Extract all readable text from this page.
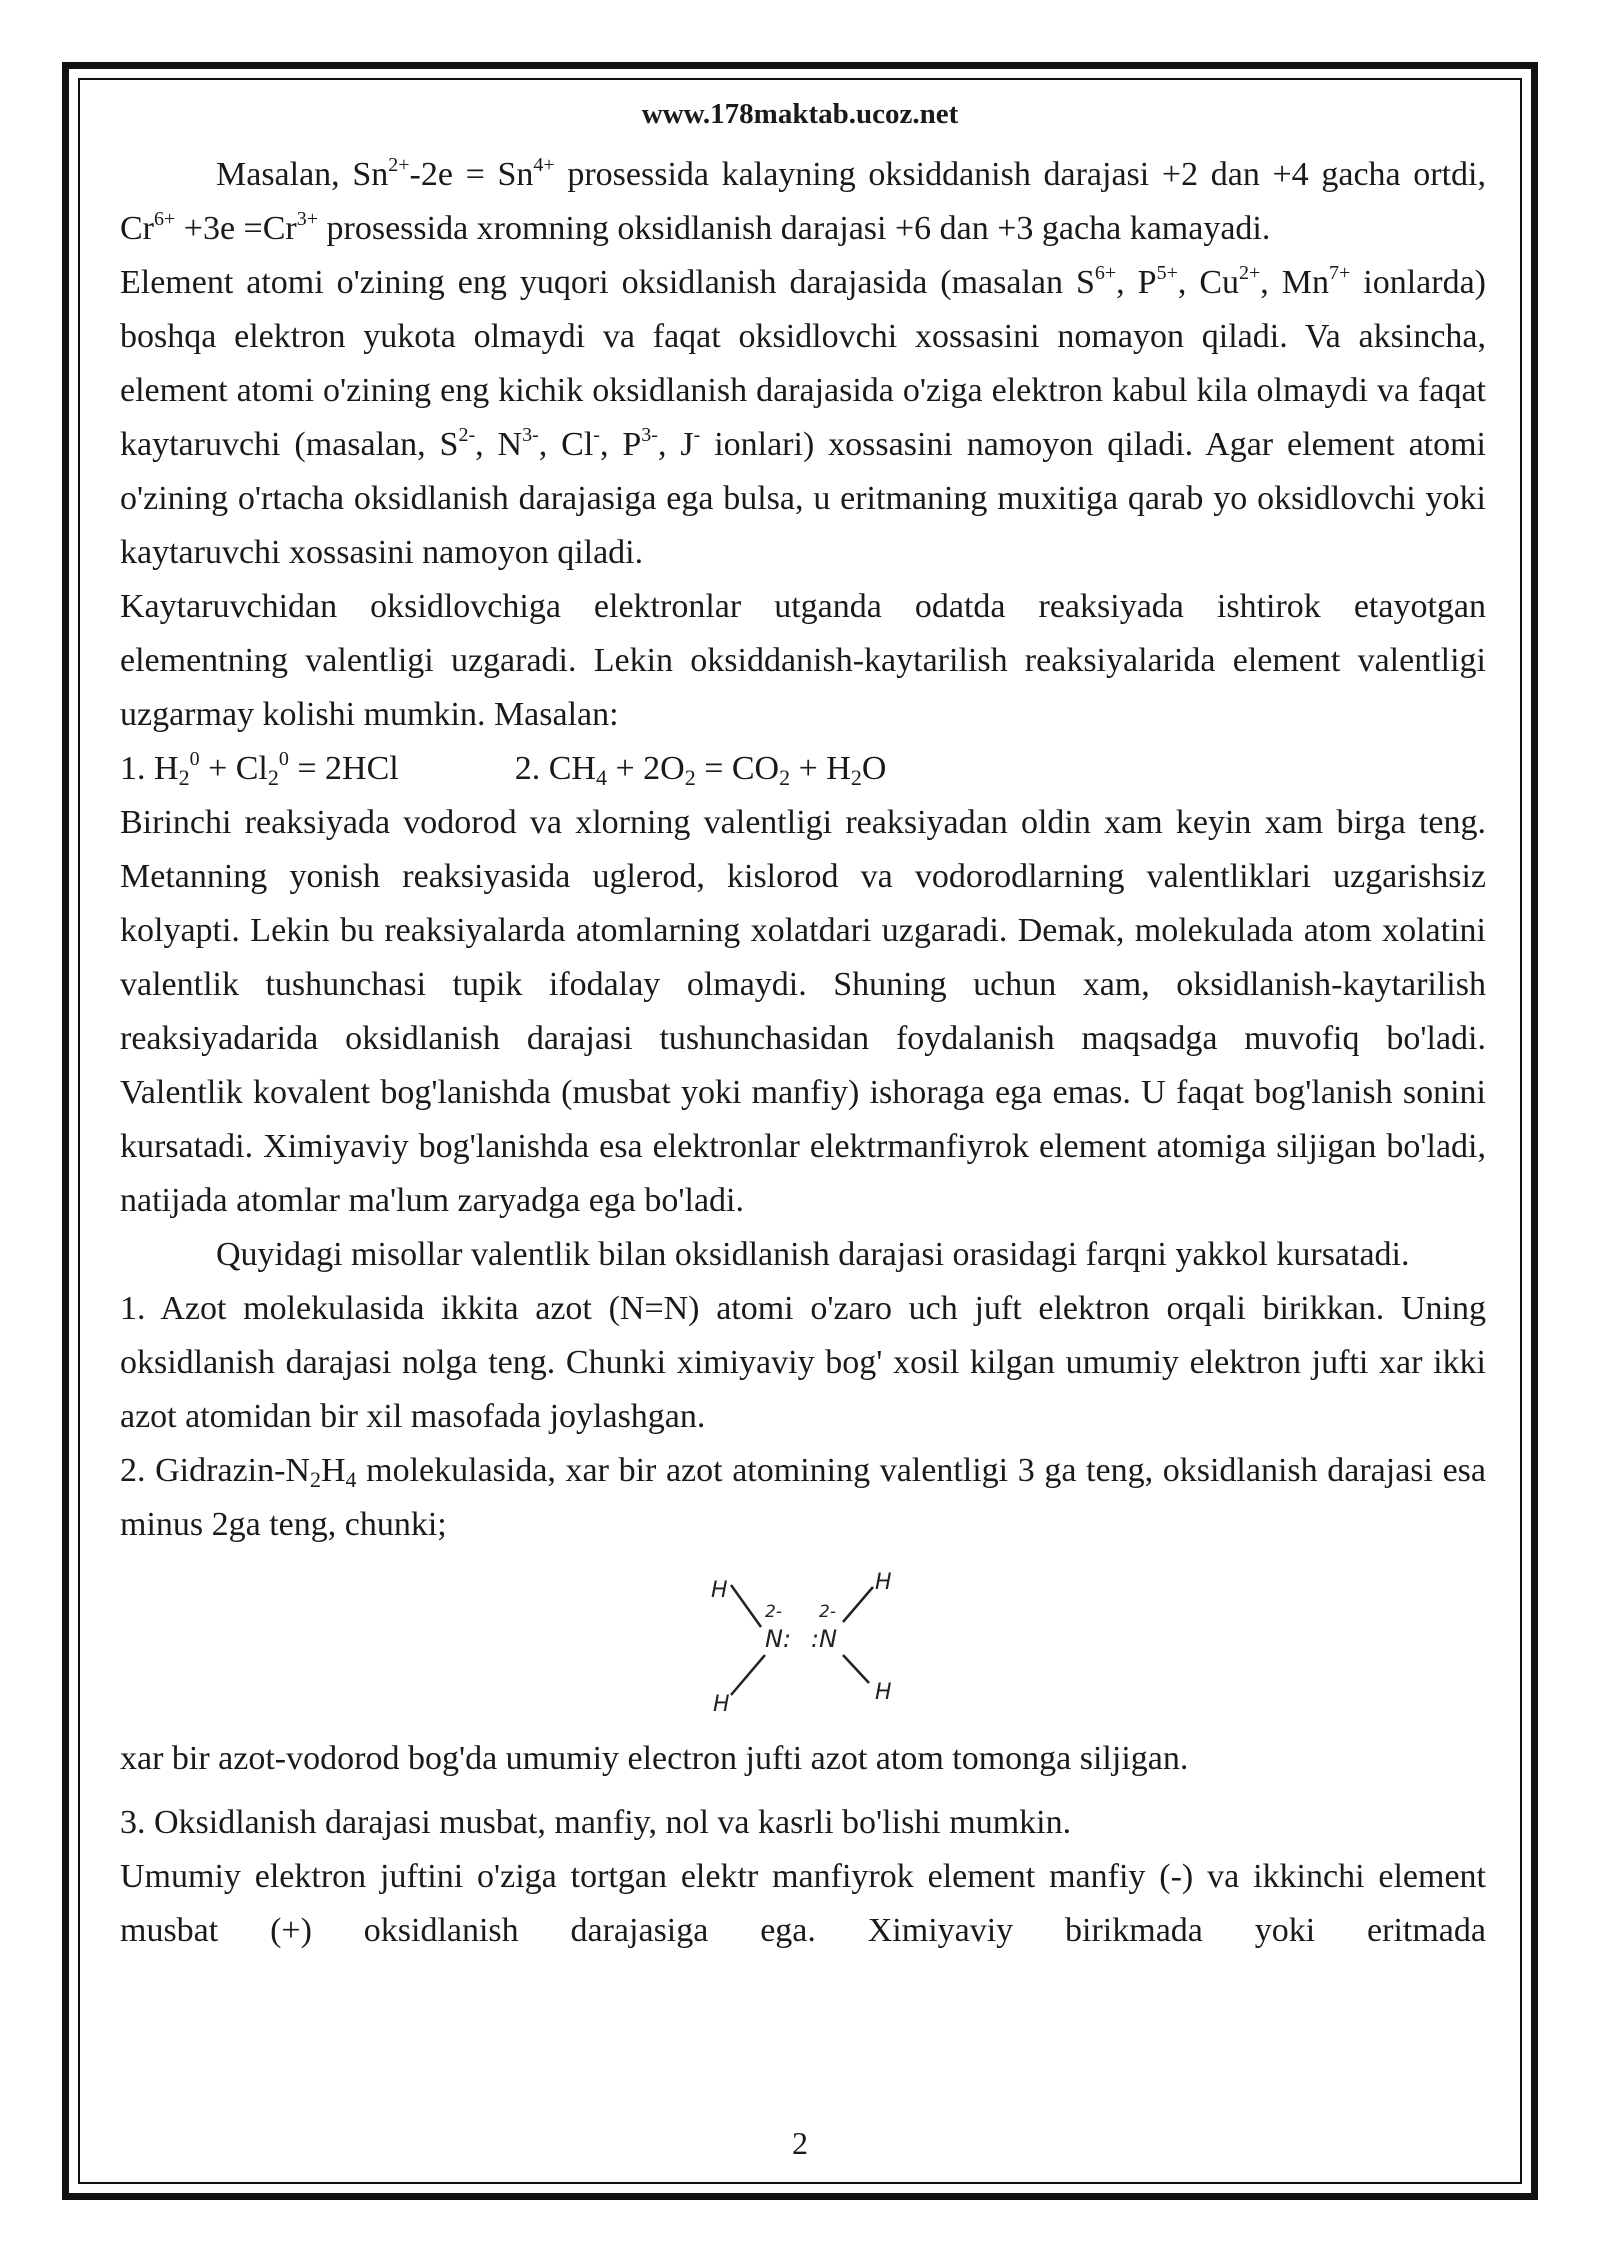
www.178maktab.ucoz.net

Masalan, $Sn^{2+}-2e = Sn^{4+}$ prosessida kalayning oksiddanish darajasi +2 dan +4 gacha ortdi, $Cr^{6+} +3e =Cr^{3+}$ prosessida xromning oksidlanish darajasi +6 dan +3 gacha kamayadi.

Element atomi o'zining eng yuqori oksidlanish darajasida (masalan $S^{6+}$, $P^{5+}$, $Cu^{2+}$, $Mn^{7+}$ ionlarda) boshqa elektron yukota olmaydi va faqat oksidlovchi xossasini nomayon qiladi. Va aksincha, element atomi o'zining eng kichik oksidlanish darajasida o'ziga elektron kabul kila olmaydi va faqat kaytaruvchi (masalan, $S^{2-}$, $N^{3-}$, Cl-, $P^{3-}$, J- ionlari) xossasini namoyon qiladi. Agar element atomi o'zining o'rtacha oksidlanish darajasiga ega bulsa, u eritmaning muxitiga qarab yo oksidlovchi yoki kaytaruvchi xossasini namoyon qiladi.

Kaytaruvchidan oksidlovchiga elektronlar utganda odatda reaksiyada ishtirok etayotgan elementning valentligi uzgaradi. Lekin oksiddanish-kaytarilish reaksiyalarida element valentligi uzgarmay kolishi mumkin. Masalan:

1. $H_2^0 + Cl_2^0 = 2HCl$	2. $CH_4 + 2O_2 = CO_2 + H_2O$

Birinchi reaksiyada vodorod va xlorning valentligi reaksiyadan oldin xam keyin xam birga teng. Metanning yonish reaksiyasida uglerod, kislorod va vodorodlarning valentliklari uzgarishsiz kolyapti. Lekin bu reaksiyalarda atomlarning xolatdari uzgaradi. Demak, molekulada atom xolatini valentlik tushunchasi tupik ifodalay olmaydi. Shuning uchun xam, oksidlanish-kaytarilish reaksiyadarida oksidlanish darajasi tushunchasidan foydalanish maqsadga muvofiq bo'ladi. Valentlik kovalent bog'lanishda (musbat yoki manfiy) ishoraga ega emas. U faqat bog'lanish sonini kursatadi. Ximiyaviy bog'lanishda esa elektronlar elektrmanfiyrok element atomiga siljigan bo'ladi, natijada atomlar ma'lum zaryadga ega bo'ladi.

Quyidagi misollar valentlik bilan oksidlanish darajasi orasidagi farqni yakkol kursatadi.

1. Azot molekulasida ikkita azot (N=N) atomi o'zaro uch juft elektron orqali birikkan. Uning oksidlanish darajasi nolga teng. Chunki ximiyaviy bog' xosil kilgan umumiy elektron jufti xar ikki azot atomidan bir xil masofada joylashgan.

2. Gidrazin-$N_2H_4$ molekulasida, xar bir azot atomining valentligi 3 ga teng, oksidlanish darajasi esa minus 2ga teng, chunki;

H	H
H	H
N: :N
2- 2-

xar bir azot-vodorod bog'da umumiy electron jufti azot atom tomonga siljigan.

3. Oksidlanish darajasi musbat, manfiy, nol va kasrli bo'lishi mumkin.

Umumiy elektron juftini o'ziga tortgan elektr manfiyrok element manfiy (-) va ikkinchi element musbat (+) oksidlanish darajasiga ega. Ximiyaviy birikmada yoki eritmada

2
